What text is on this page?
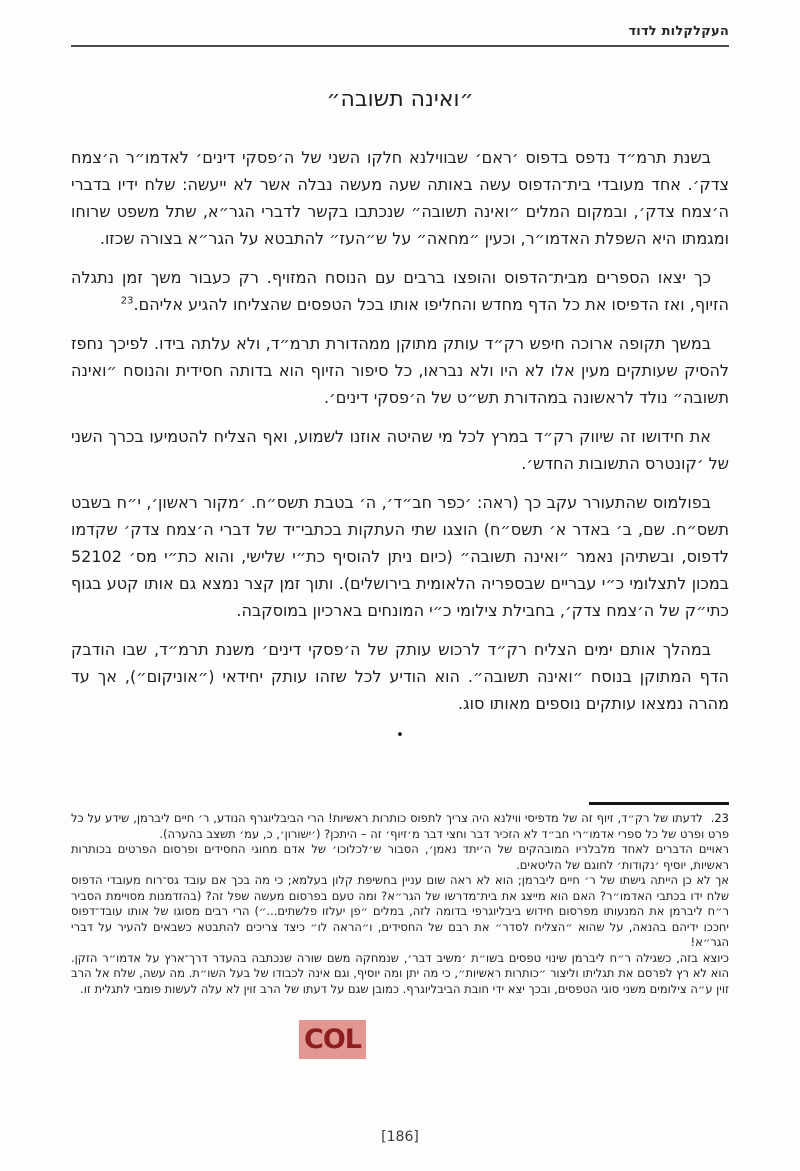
העקלקלות לדוד
״ואינה תשובה״

בשנת תרמ״ד נדפס בדפוס ׳ראם׳ שבווילנא חלקו השני של ה׳פסקי דינים׳ לאדמו״ר ה׳צמח צדק׳. אחד מעובדי בית־הדפוס עשה באותה שעה מעשה נבלה אשר לא ייעשה: שלח ידיו בדברי ה׳צמח צדק׳, ובמקום המלים ״ואינה תשובה״ שנכתבו בקשר לדברי הגר״א, שתל משפט שרוחו ומגמתו היא השפלת האדמו״ר, וכעין ״מחאה״ על ש״העז״ להתבטא על הגר״א בצורה שכזו.

כך יצאו הספרים מבית־הדפוס והופצו ברבים עם הנוסח המזויף. רק כעבור משך זמן נתגלה הזיוף, ואז הדפיסו את כל הדף מחדש והחליפו אותו בכל הטפסים שהצליחו להגיע אליהם.$^{23}$

במשך תקופה ארוכה חיפש רק״ד עותק מתוקן ממהדורת תרמ״ד, ולא עלתה בידו. לפיכך נחפז להסיק שעותקים מעין אלו לא היו ולא נבראו, כל סיפור הזיוף הוא בדותה חסידית והנוסח ״ואינה תשובה״ נולד לראשונה במהדורת תש״ט של ה׳פסקי דינים׳.

את חידושו זה שיווק רק״ד במרץ לכל מי שהיטה אוזנו לשמוע, ואף הצליח להטמיעו בכרך השני של ׳קונטרס התשובות החדש׳.

בפולמוס שהתעורר עקב כך (ראה: ׳כפר חב״ד׳, ה׳ בטבת תשס״ח. ׳מקור ראשון׳, י״ח בשבט תשס״ח. שם, ב׳ באדר א׳ תשס״ח) הוצגו שתי העתקות בכתבי־יד של דברי ה׳צמח צדק׳ שקדמו לדפוס, ובשתיהן נאמר ״ואינה תשובה״ (כיום ניתן להוסיף כת״י שלישי, והוא כת״י מס׳ 52102 במכון לתצלומי כ״י עבריים שבספריה הלאומית בירושלים). ותוך זמן קצר נמצא גם אותו קטע בגוף כתי״ק של ה׳צמח צדק׳, בחבילת צילומי כ״י המונחים בארכיון במוסקבה.

במהלך אותם ימים הצליח רק״ד לרכוש עותק של ה׳פסקי דינים׳ משנת תרמ״ד, שבו הודבק הדף המתוקן בנוסח ״ואינה תשובה״. הוא הודיע לכל שזהו עותק יחידאי (״אוניקום״), אך עד מהרה נמצאו עותקים נוספים מאותו סוג.

•

23.לדעתו של רק״ד, זיוף זה של מדפיסי ווילנא היה צריך לתפוס כותרות ראשיות! הרי הביבליוגרף הנודע, ר׳ חיים ליברמן, שידע על כל פרט ופרט של כל ספרי אדמו״רי חב״ד לא הזכיר דבר וחצי דבר מ׳זיוף׳ זה – היתכן? (׳ישורון׳, כ, עמ׳ תשצב בהערה).

ראויים הדברים לאחד מלבלריו המובהקים של ה׳יתד נאמן׳, הסבור ש׳לכלוכו׳ של אדם מחוגי החסידים ופרסום הפרטים בכותרות ראשיות, יוסיף ׳נקודות׳ לחוגם של הליטאים.

אך לא כן הייתה גישתו של ר׳ חיים ליברמן; הוא לא ראה שום עניין בחשיפת קלון בעלמא; כי מה בכך אם עובד גס־רוח מעובדי הדפוס שלח ידו בכתבי האדמו״ר? האם הוא מייצג את בית־מדרשו של הגר״א? ומה טעם בפרסום מעשה שפל זה? (בהזדמנות מסויימת הסביר ר״ח ליברמן את המנעותו מפרסום חידוש ביבליוגרפי בדומה לזה, במלים ״פן יעלזו פלשתים...״) הרי רבים מסוגו של אותו עובד־דפוס יחככו ידיהם בהנאה, על שהוא ״הצליח לסדר״ את רבם של החסידים, ו״הראה לו״ כיצד צריכים להתבטא כשבאים להעיר על דברי הגר״א!

כיוצא בזה, כשגילה ר״ח ליברמן שינוי טפסים בשו״ת ׳משיב דבר׳, שנמחקה משם שורה שנכתבה בהעדר דרך־ארץ על אדמו״ר הזקן. הוא לא רץ לפרסם את תגליתו וליצור ״כותרות ראשיות״, כי מה יתן ומה יוסיף, וגם אינה לכבודו של בעל השו״ת. מה עשה, שלח אל הרב זוין ע״ה צילומים משני סוגי הטפסים, ובכך יצא ידי חובת הביבליוגרף. כמובן שגם על דעתו של הרב זוין לא עלה לעשות פומבי לתגלית זו.

COL
[186]
